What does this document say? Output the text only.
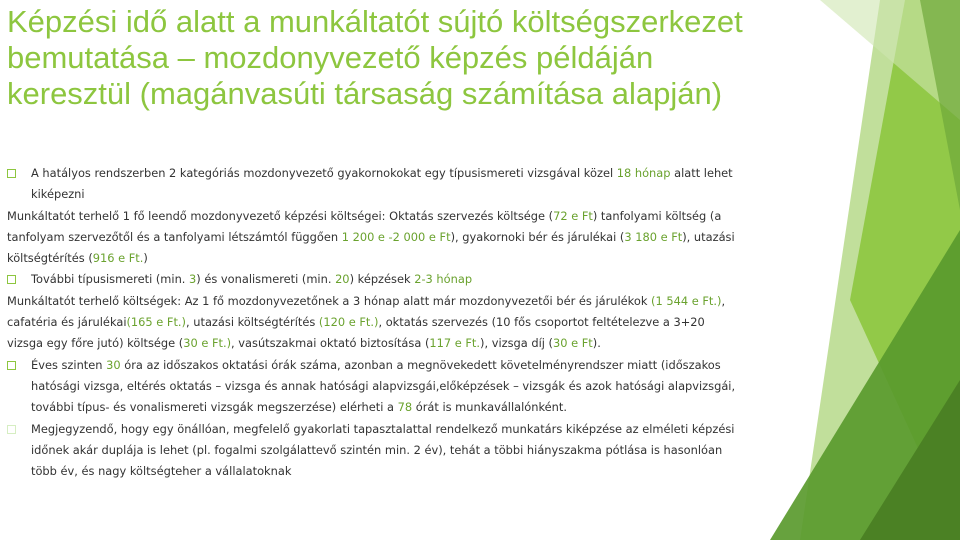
Képzési idő alatt a munkáltatót sújtó költségszerkezet bemutatása – mozdonyvezető képzés példáján keresztül (magánvasúti társaság számítása alapján)
A hatályos rendszerben 2 kategóriás mozdonyvezető gyakornokokat egy típusismereti vizsgával közel 18 hónap alatt lehet kiképezni
Munkáltatót terhelő 1 fő leendő mozdonyvezető képzési költségei: Oktatás szervezés költsége (72 e Ft) tanfolyami költség (a tanfolyam szervezőtől és a tanfolyami létszámtól függően 1 200 e -2 000 e Ft), gyakornoki bér és járulékai (3 180 e Ft), utazási költségtérítés (916 e Ft.)
További típusismereti (min. 3) és vonalismereti (min. 20) képzések 2-3 hónap
Munkáltatót terhelő költségek: Az 1 fő mozdonyvezetőnek a 3 hónap alatt már mozdonyvezetői bér és járulékok (1 544 e Ft.), cafatéria és járulékai(165 e Ft.), utazási költségtérítés (120 e Ft.), oktatás szervezés (10 fős csoportot feltételezve a 3+20 vizsga egy főre jutó) költsége (30 e Ft.), vasútszakmai oktató biztosítása (117 e Ft.), vizsga díj (30 e Ft).
Éves szinten 30 óra az időszakos oktatási órák száma, azonban a megnövekedett követelményrendszer miatt (időszakos hatósági vizsga, eltérés oktatás – vizsga és annak hatósági alapvizsgái,előképzések – vizsgák és azok hatósági alapvizsgái, további típus- és vonalismereti vizsgák megszerzése) elérheti a 78 órát is munkavállalónként.
Megjegyzendő, hogy egy önállóan, megfelelő gyakorlati tapasztalattal rendelkező munkatárs kiképzése az elméleti képzési időnek akár duplája is lehet (pl. fogalmi szolgálattevő szintén min. 2 év), tehát a többi hiányszakma pótlása is hasonlóan több év, és nagy költségteher a vállalatoknak
